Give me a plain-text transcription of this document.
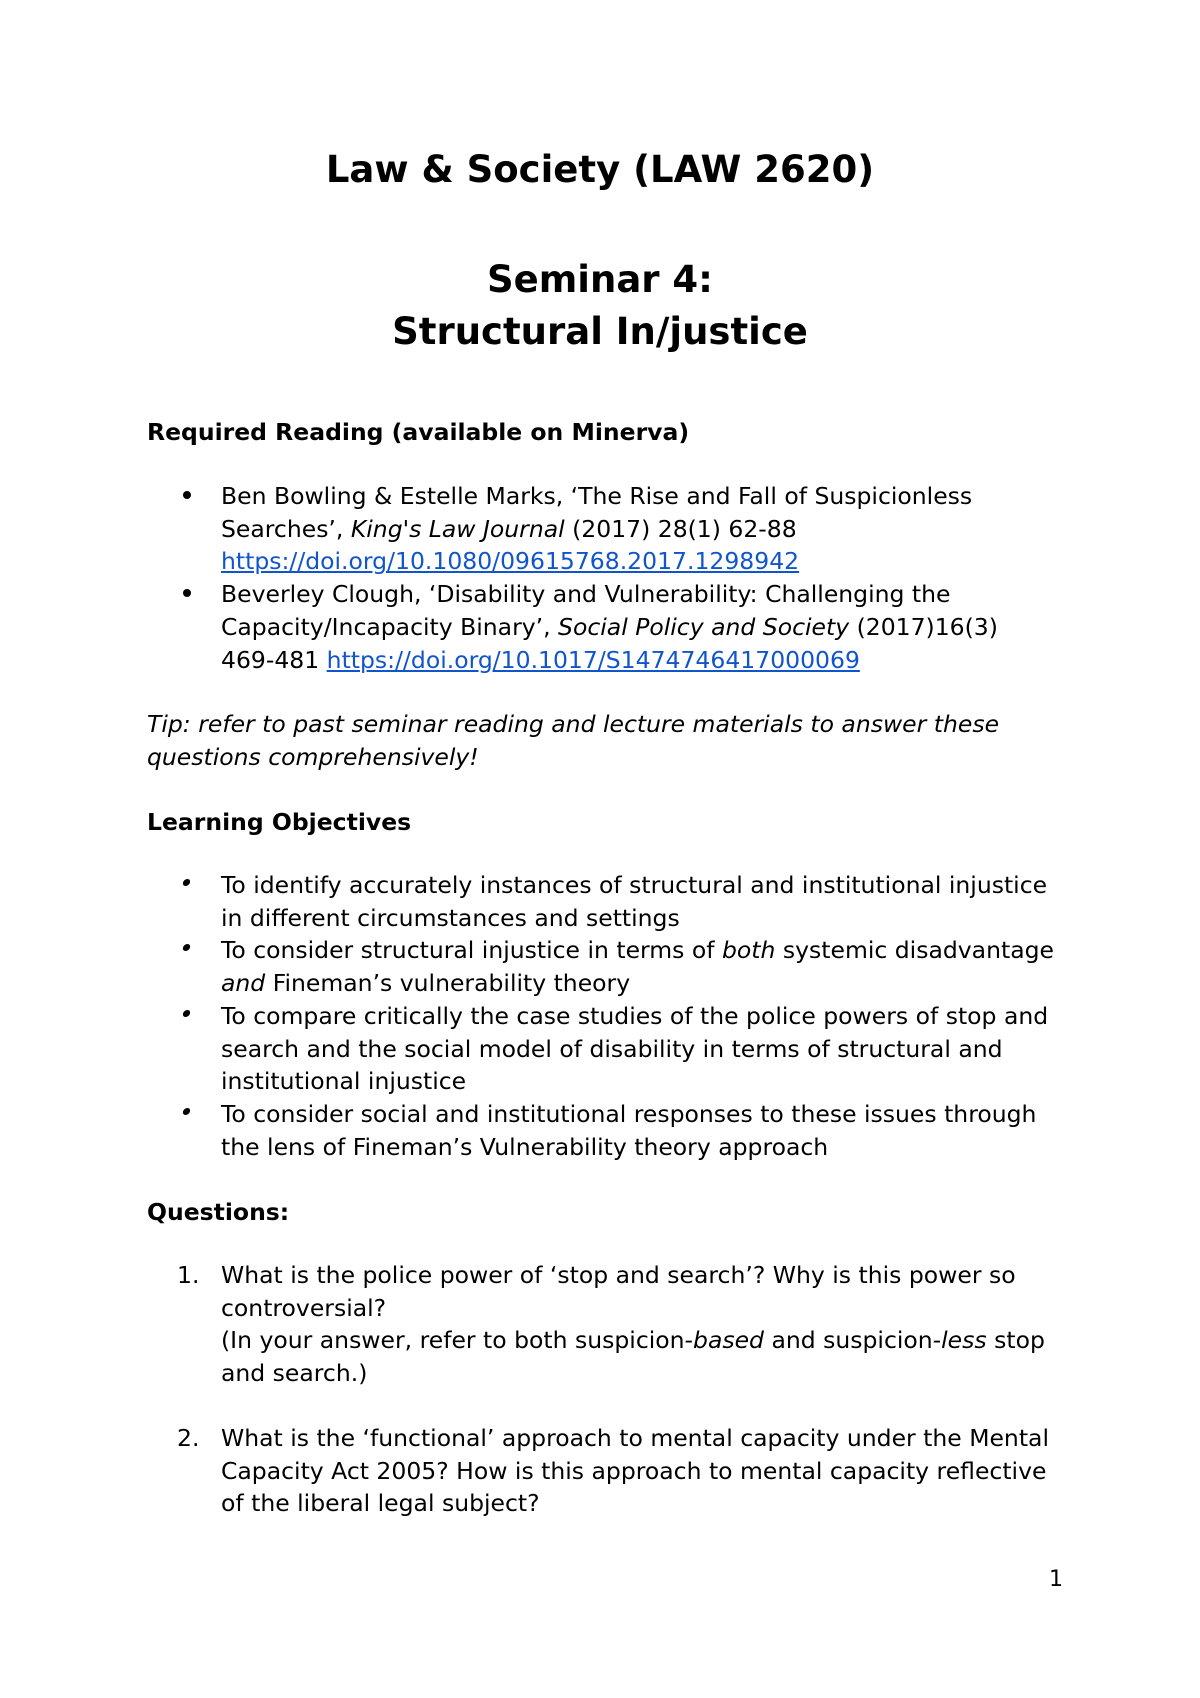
Law & Society (LAW 2620)
Seminar 4:
Structural In/justice
Required Reading (available on Minerva)
Ben Bowling & Estelle Marks, ‘The Rise and Fall of Suspicionless Searches’, King's Law Journal (2017) 28(1) 62-88 https://doi.org/10.1080/09615768.2017.1298942
Beverley Clough, ‘Disability and Vulnerability: Challenging the Capacity/Incapacity Binary’, Social Policy and Society (2017)16(3) 469-481 https://doi.org/10.1017/S1474746417000069

Tip: refer to past seminar reading and lecture materials to answer these questions comprehensively!

Learning Objectives
To identify accurately instances of structural and institutional injustice in different circumstances and settings
To consider structural injustice in terms of both systemic disadvantage and Fineman’s vulnerability theory
To compare critically the case studies of the police powers of stop and search and the social model of disability in terms of structural and institutional injustice
To consider social and institutional responses to these issues through the lens of Fineman’s Vulnerability theory approach
Questions:
1. What is the police power of ‘stop and search’? Why is this power so controversial?
(In your answer, refer to both suspicion-based and suspicion-less stop and search.)
2. What is the ‘functional’ approach to mental capacity under the Mental Capacity Act 2005? How is this approach to mental capacity reflective of the liberal legal subject?
1
